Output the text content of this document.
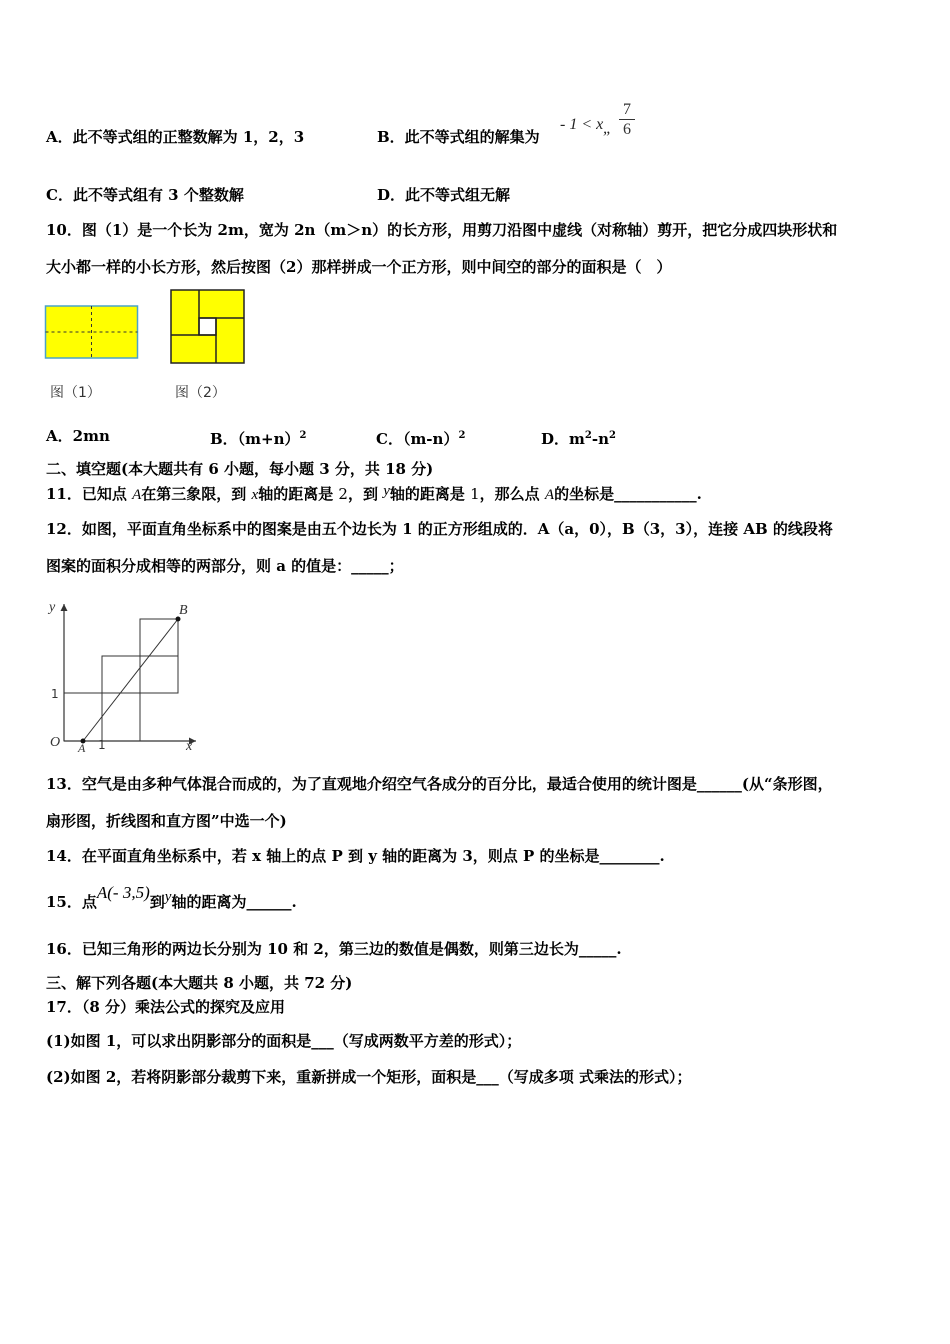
A．此不等式组的正整数解为 1，2，3	B．此不等式组的解集为
- 1 < x „
7
6
C．此不等式组有 3 个整数解	D．此不等式组无解
10．图（1）是一个长为 2m，宽为 2n（m＞n）的长方形，用剪刀沿图中虚线（对称轴）剪开，把它分成四块形状和
大小都一样的小长方形，然后按图（2）那样拼成一个正方形，则中间空的部分的面积是（　）
图（1）	图（2）
A．2mn	B．$(m+n)^2$	C．$(m-n)^2$	D．$m^2-n^2$
二、填空题(本大题共有 6 小题，每小题 3 分，共 18 分)
11．已知点 A在第三象限，到 x轴的距离是 2，到 y轴的距离是 1，那么点 A的坐标是___________.
12．如图，平面直角坐标系中的图案是由五个边长为 1 的正方形组成的．A（a，0），B（3，3），连接 AB 的线段将
图案的面积分成相等的两部分，则 a 的值是：_____；
y
x
O A
B
1
1
13．空气是由多种气体混合而成的，为了直观地介绍空气各成分的百分比，最适合使用的统计图是______(从“条形图，
扇形图，折线图和直方图”中选一个)
14．在平面直角坐标系中，若 x 轴上的点 P 到 y 轴的距离为 3，则点 P 的坐标是________.
15．点A(- 3,5)到y轴的距离为______.
16．已知三角形的两边长分别为 10 和 2，第三边的数值是偶数，则第三边长为_____.
三、解下列各题(本大题共 8 小题，共 72 分)
17．（8 分）乘法公式的探究及应用
(1)如图 1，可以求出阴影部分的面积是___（写成两数平方差的形式）；
(2)如图 2，若将阴影部分裁剪下来，重新拼成一个矩形，面积是___（写成多项 式乘法的形式）；
